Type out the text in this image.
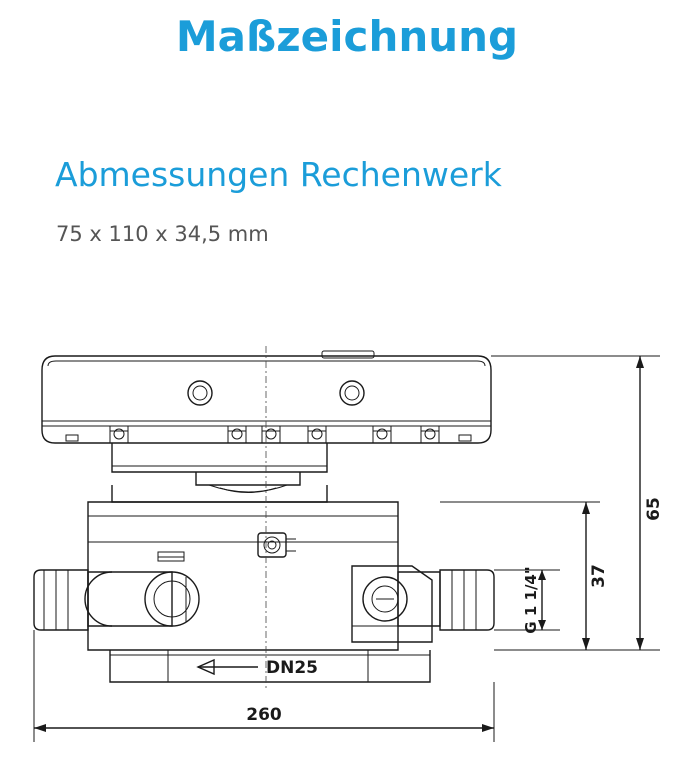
Maßzeichnung
Abmessungen Rechenwerk
75 x 110 x 34,5 mm
DN25
65
37
G 1 1/4"
260
